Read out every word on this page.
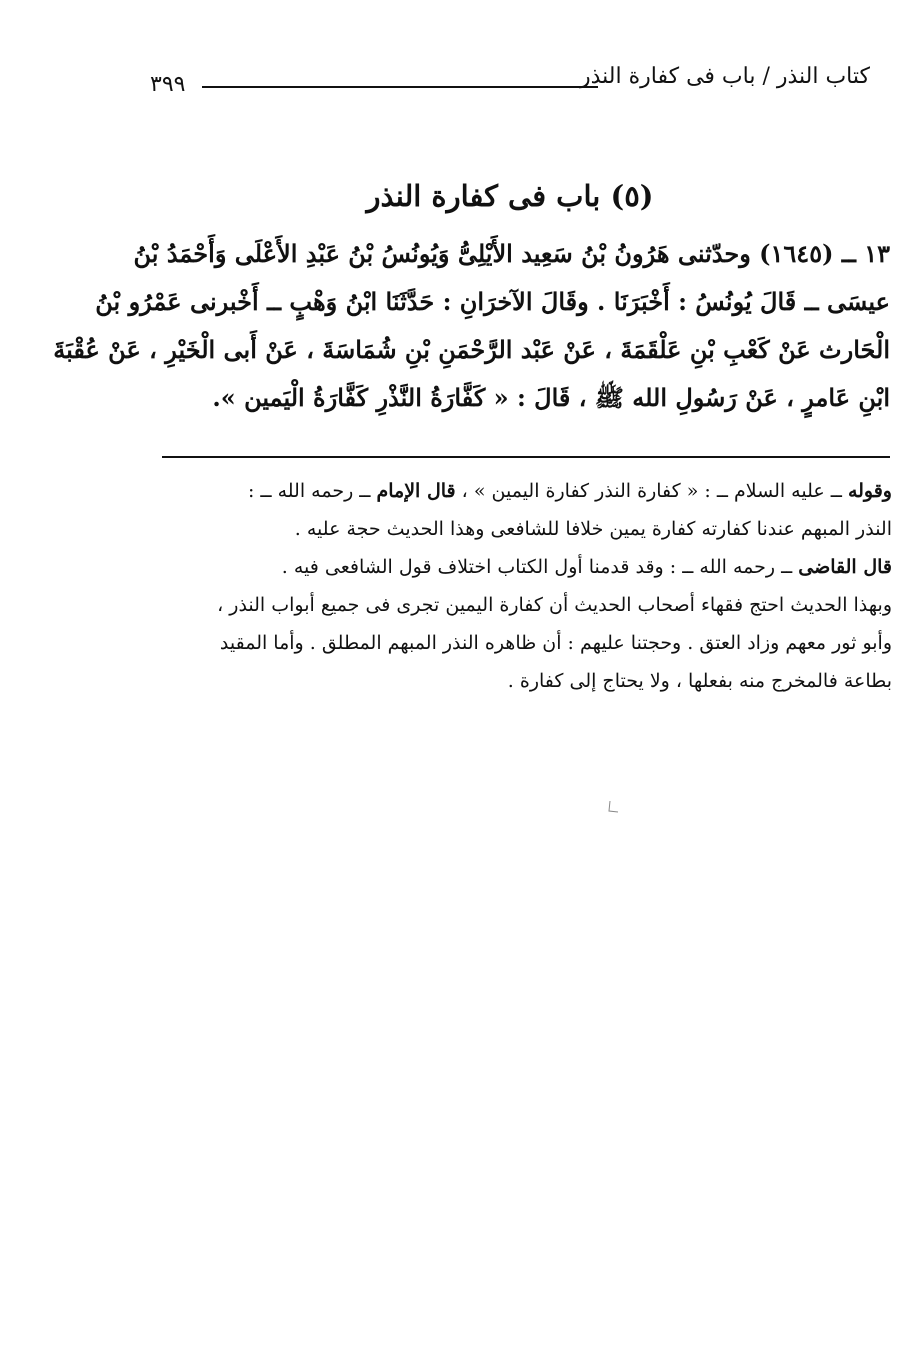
كتاب النذر / باب فى كفارة النذر
٣٩٩
(٥) باب فى كفارة النذر
١٣ ــ (١٦٤٥) وحدّثنى هَرُونُ بْنُ سَعِيد الأَيْلِىُّ وَيُونُسُ بْنُ عَبْدِ الأَعْلَى وَأَحْمَدُ بْنُ
عيسَى ــ قَالَ يُونُسُ : أَخْبَرَنَا . وقَالَ الآخرَانِ : حَدَّثَنَا ابْنُ وَهْبٍ ــ أَخْبرنى عَمْرُو بْنُ
الْحَارث عَنْ كَعْبِ بْنِ عَلْقَمَةَ ، عَنْ عَبْد الرَّحْمَنِ بْنِ شُمَاسَةَ ، عَنْ أَبى الْخَيْرِ ، عَنْ عُقْبَةَ
ابْنِ عَامرٍ ، عَنْ رَسُولِ الله ﷺ ، قَالَ : « كَفَّارَةُ النَّذْرِ كَفَّارَةُ الْيَمين ».
وقوله ــ عليه السلام ــ : « كفارة النذر كفارة اليمين » ، قال الإمام ــ رحمه الله ــ :
النذر المبهم عندنا كفارته كفارة يمين خلافا للشافعى وهذا الحديث حجة عليه .
قال القاضى ــ رحمه الله ــ : وقد قدمنا أول الكتاب اختلاف قول الشافعى فيه .
وبهذا الحديث احتج فقهاء أصحاب الحديث أن كفارة اليمين تجرى فى جميع أبواب النذر ،
وأبو ثور معهم وزاد العتق . وحجتنا عليهم : أن ظاهره النذر المبهم المطلق . وأما المقيد
بطاعة فالمخرج منه بفعلها ، ولا يحتاج إلى كفارة .
